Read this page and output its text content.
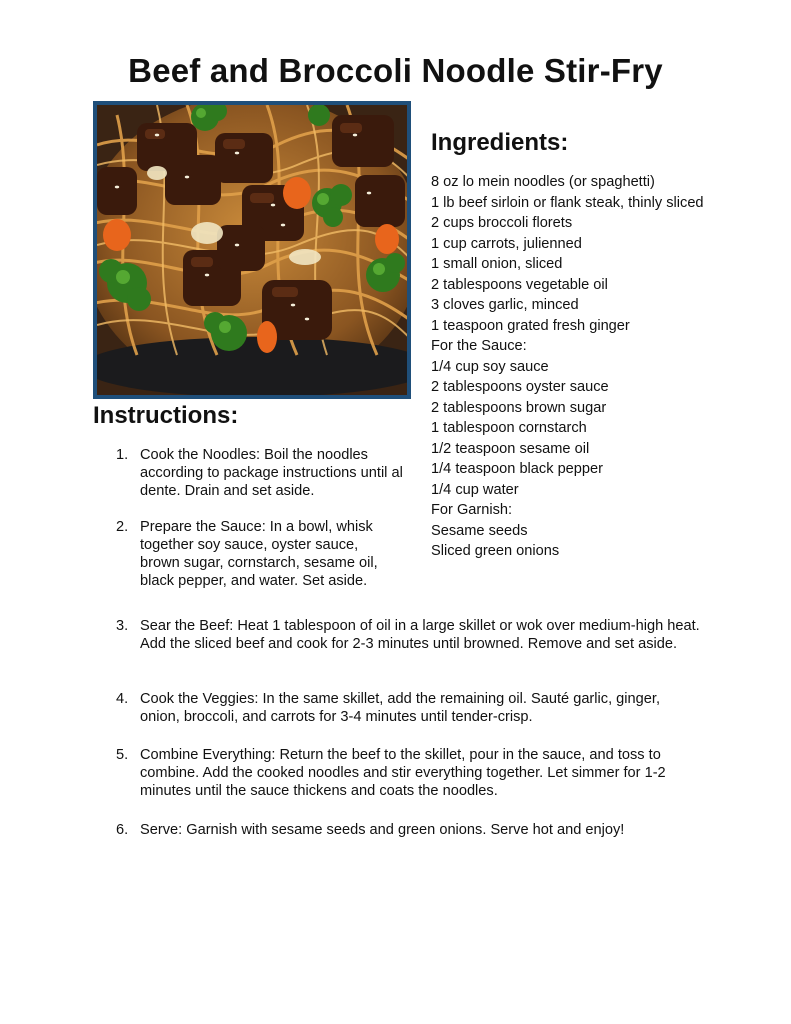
Beef and Broccoli Noodle Stir-Fry
Ingredients:
8 oz lo mein noodles (or spaghetti)
1 lb beef sirloin or flank steak, thinly sliced
2 cups broccoli florets
1 cup carrots, julienned
1 small onion, sliced
2 tablespoons vegetable oil
3 cloves garlic, minced
1 teaspoon grated fresh ginger
For the Sauce:
1/4 cup soy sauce
2 tablespoons oyster sauce
2 tablespoons brown sugar
1 tablespoon cornstarch
1/2 teaspoon sesame oil
1/4 teaspoon black pepper
1/4 cup water
For Garnish:
Sesame seeds
Sliced green onions
Instructions:
1. Cook the Noodles: Boil the noodles according to package instructions until al dente. Drain and set aside.
2. Prepare the Sauce: In a bowl, whisk together soy sauce, oyster sauce, brown sugar, cornstarch, sesame oil, black pepper, and water. Set aside.
3. Sear the Beef: Heat 1 tablespoon of oil in a large skillet or wok over medium-high heat. Add the sliced beef and cook for 2-3 minutes until browned. Remove and set aside.
4. Cook the Veggies: In the same skillet, add the remaining oil. Sauté garlic, ginger, onion, broccoli, and carrots for 3-4 minutes until tender-crisp.
5. Combine Everything: Return the beef to the skillet, pour in the sauce, and toss to combine. Add the cooked noodles and stir everything together. Let simmer for 1-2 minutes until the sauce thickens and coats the noodles.
6. Serve: Garnish with sesame seeds and green onions. Serve hot and enjoy!
